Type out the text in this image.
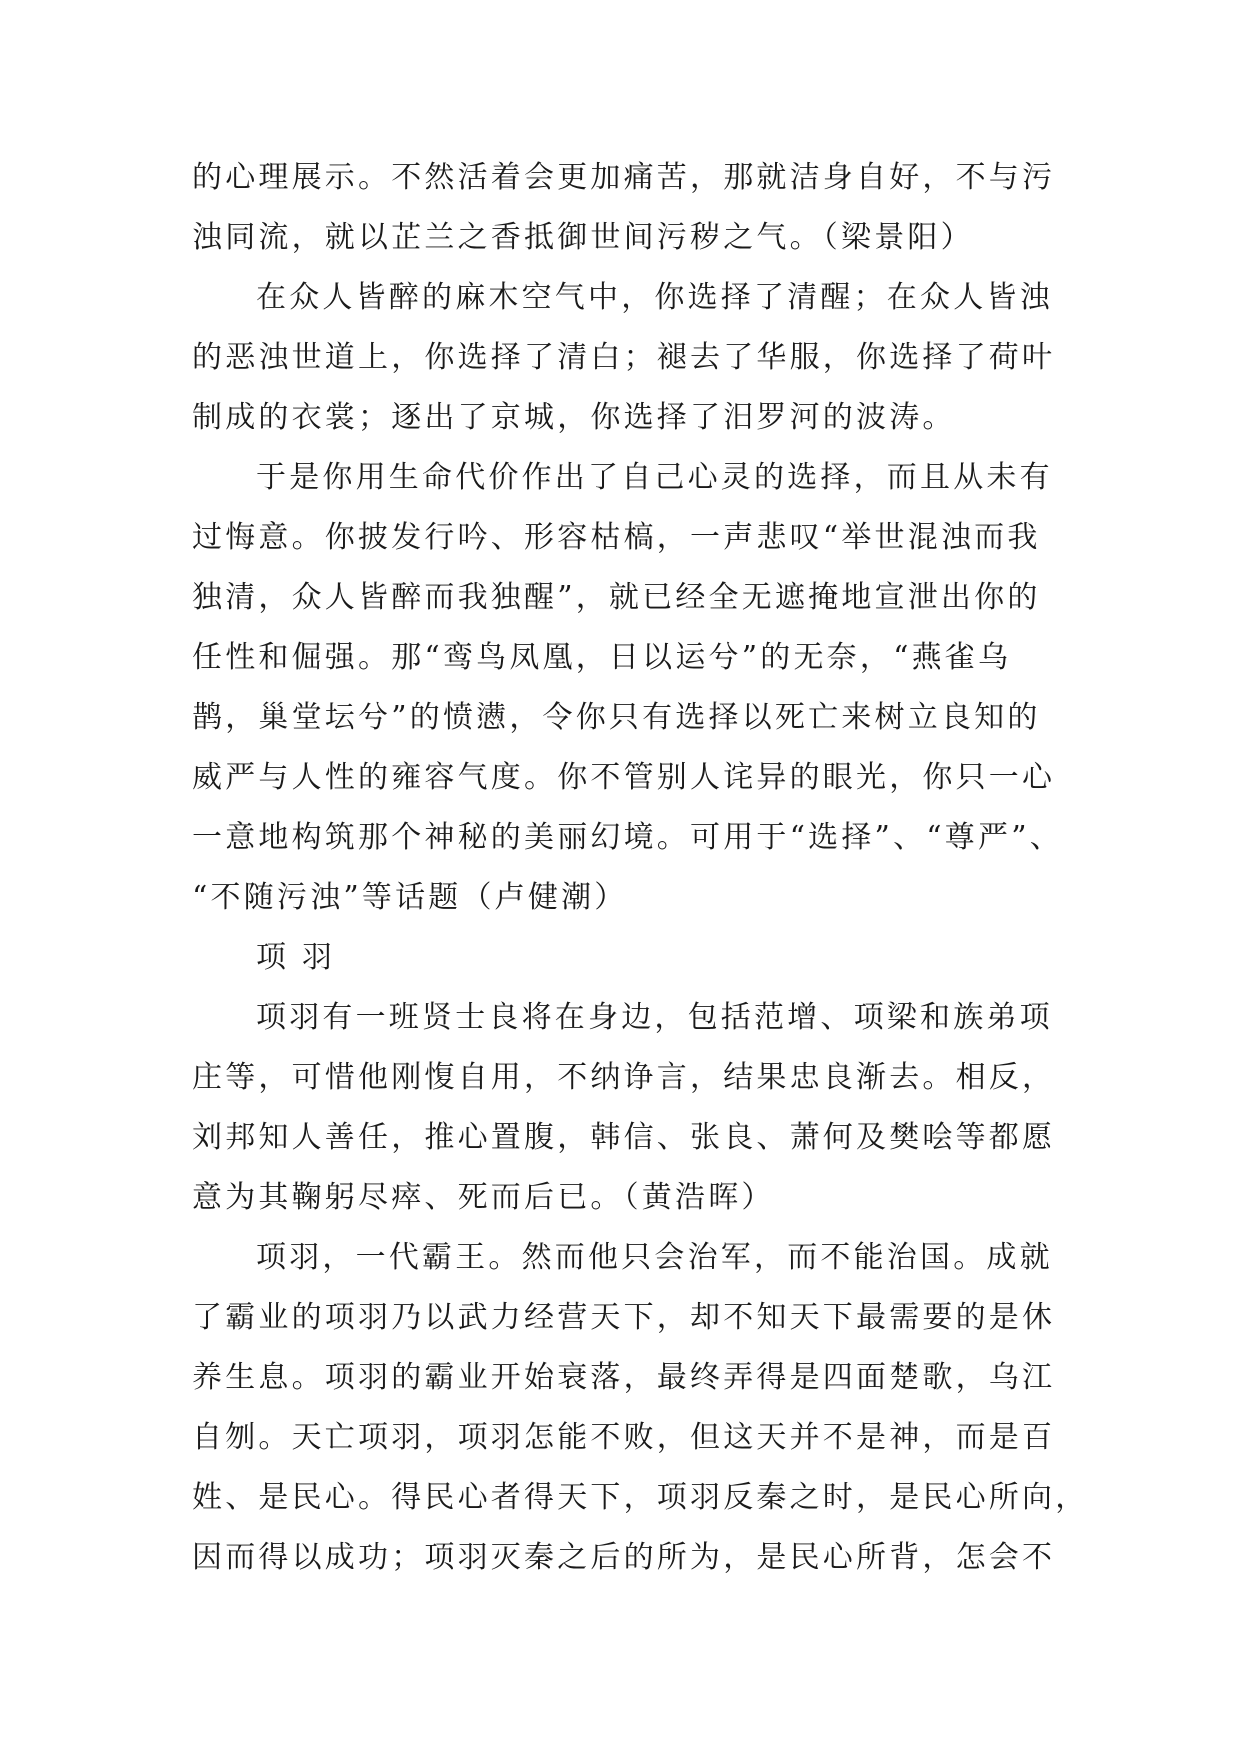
的心理展示。不然活着会更加痛苦，那就洁身自好，不与污

浊同流，就以芷兰之香抵御世间污秽之气。（梁景阳）

在众人皆醉的麻木空气中，你选择了清醒；在众人皆浊

的恶浊世道上，你选择了清白；褪去了华服，你选择了荷叶

制成的衣裳；逐出了京城，你选择了汨罗河的波涛。

于是你用生命代价作出了自己心灵的选择，而且从未有

过悔意。你披发行吟、形容枯槁，一声悲叹“举世混浊而我

独清，众人皆醉而我独醒”，就已经全无遮掩地宣泄出你的

任性和倔强。那“鸾鸟凤凰，日以运兮”的无奈，“燕雀乌

鹊，巢堂坛兮”的愤懑，令你只有选择以死亡来树立良知的

威严与人性的雍容气度。你不管别人诧异的眼光，你只一心

一意地构筑那个神秘的美丽幻境。可用于“选择”、“尊严”、

“不随污浊”等话题（卢健潮）

项 羽

项羽有一班贤士良将在身边，包括范增、项梁和族弟项

庄等，可惜他刚愎自用，不纳诤言，结果忠良渐去。相反，

刘邦知人善任，推心置腹，韩信、张良、萧何及樊哙等都愿

意为其鞠躬尽瘁、死而后已。（黄浩晖）

项羽，一代霸王。然而他只会治军，而不能治国。成就

了霸业的项羽乃以武力经营天下，却不知天下最需要的是休

养生息。项羽的霸业开始衰落，最终弄得是四面楚歌，乌江

自刎。天亡项羽，项羽怎能不败，但这天并不是神，而是百

姓、是民心。得民心者得天下，项羽反秦之时，是民心所向，

因而得以成功；项羽灭秦之后的所为，是民心所背，怎会不
